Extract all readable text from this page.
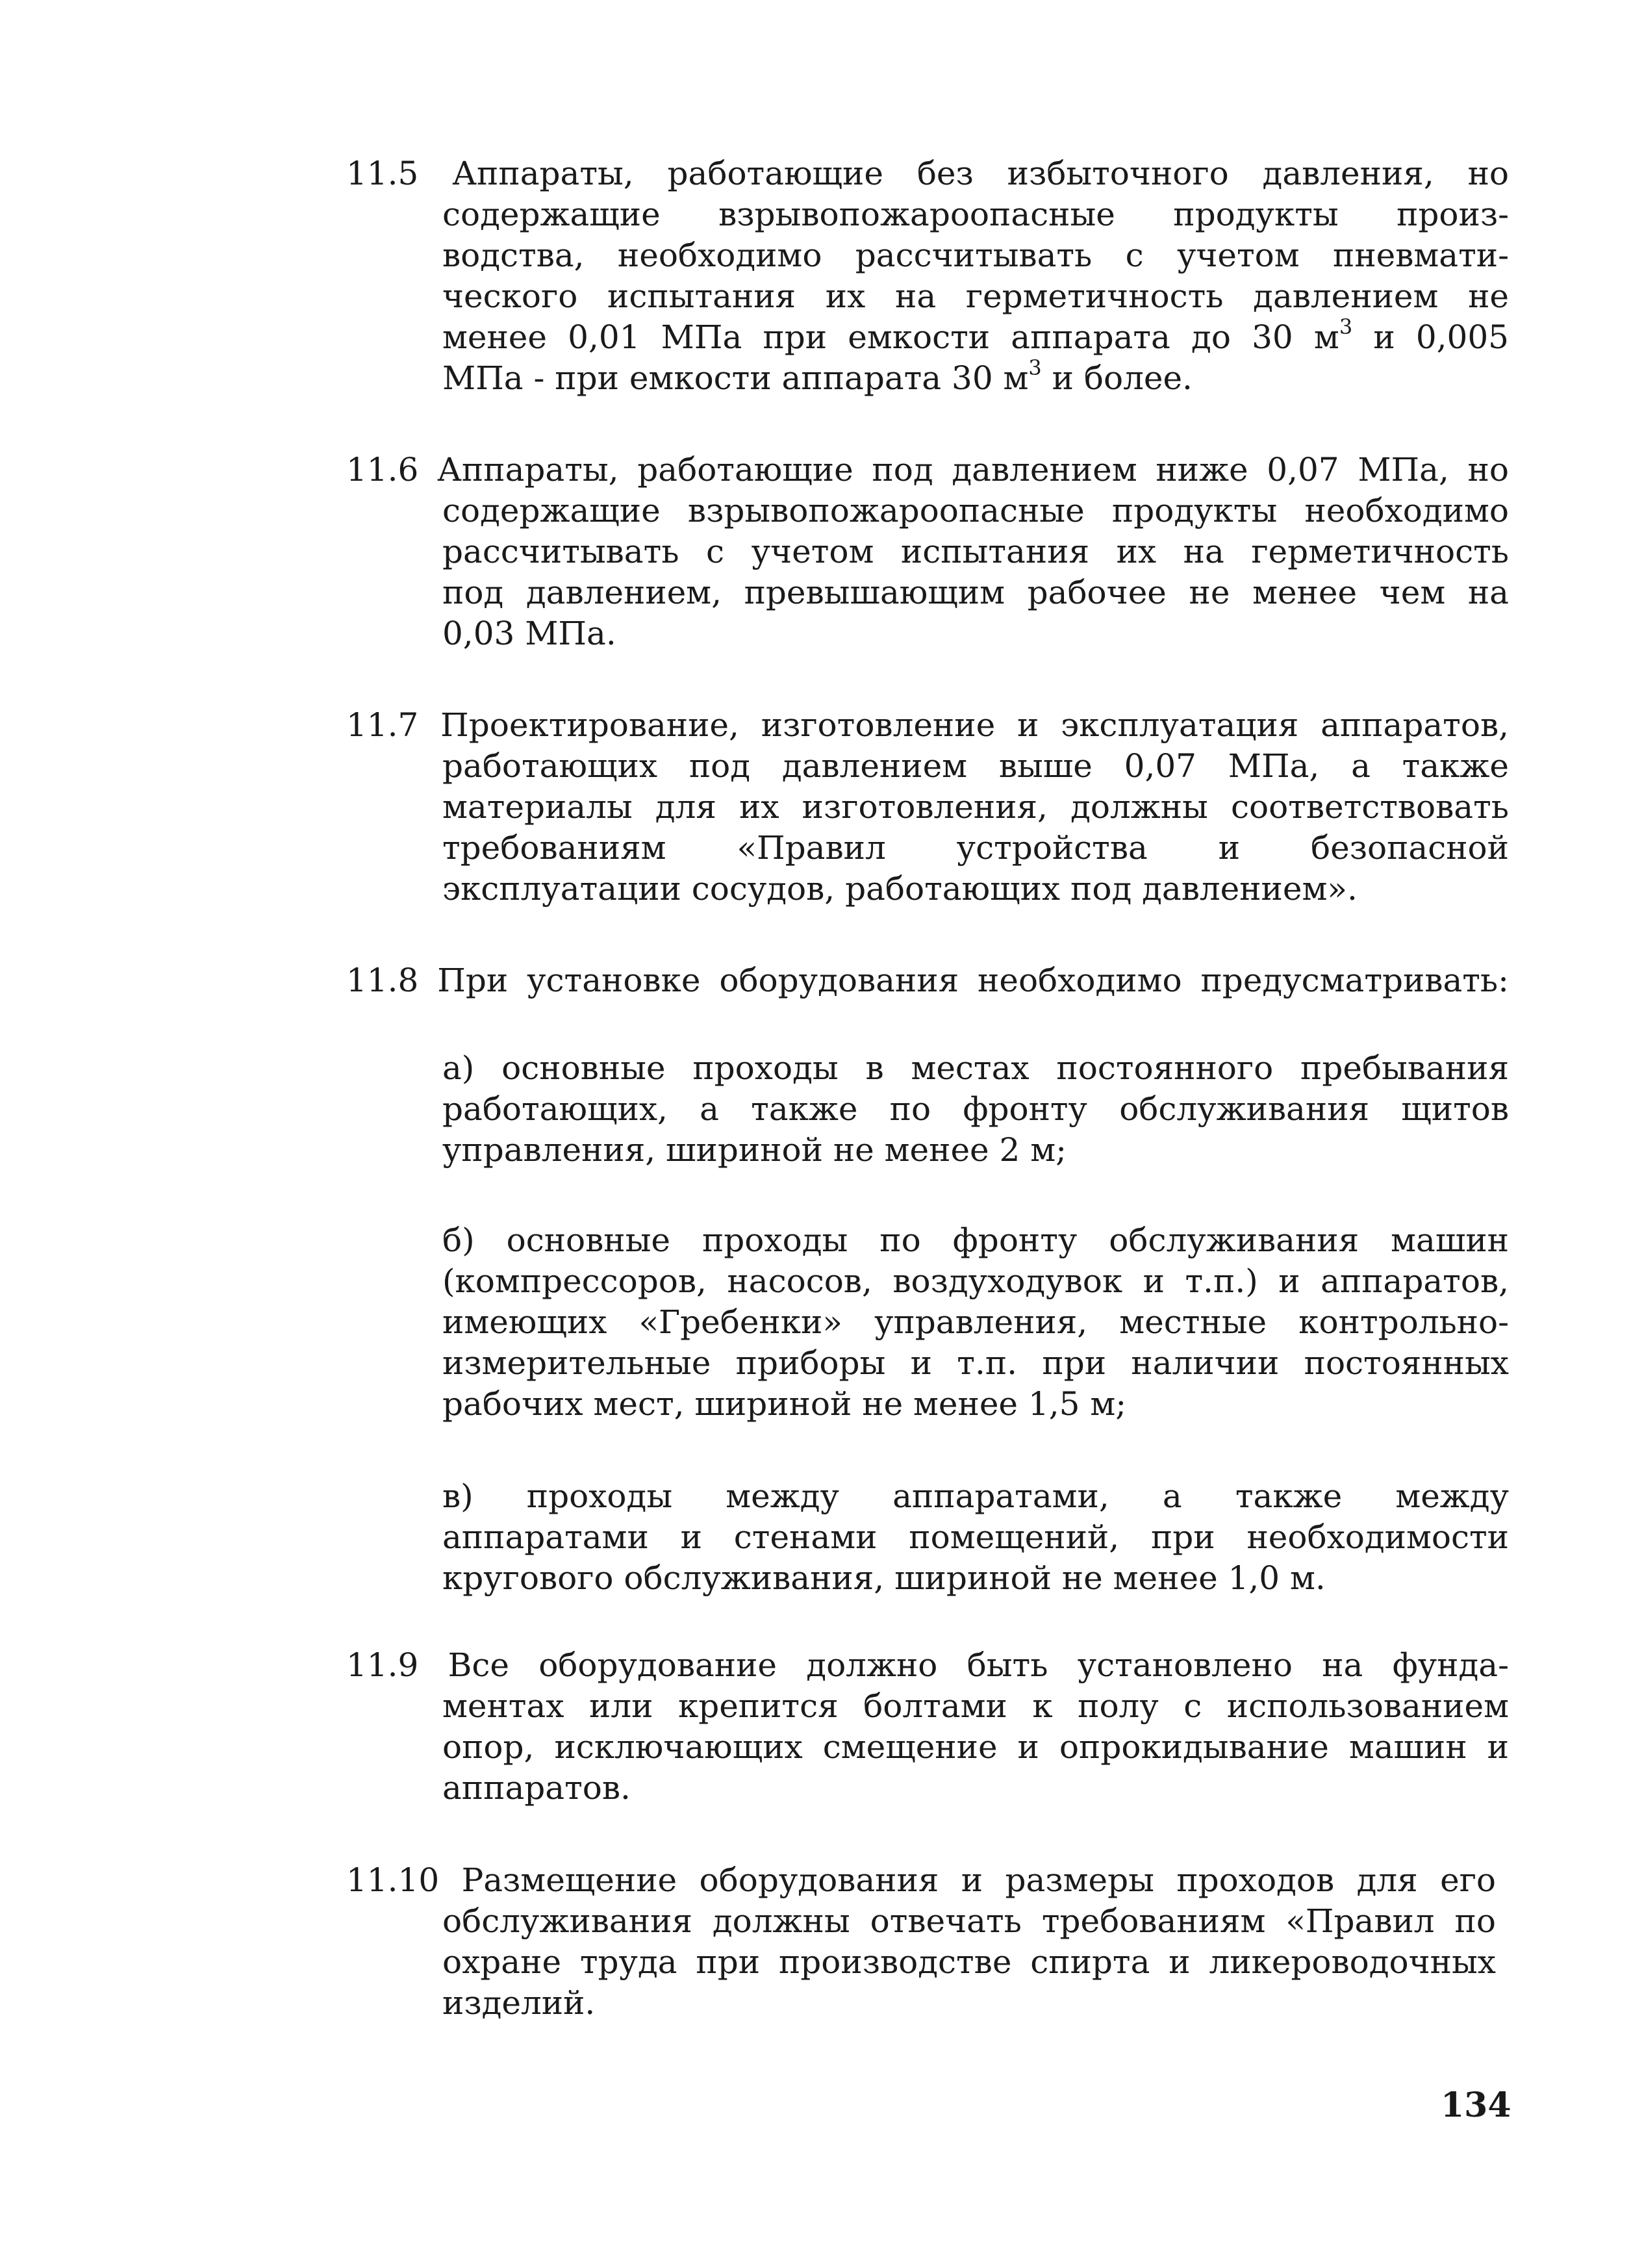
11.5 Аппараты, работающие без избыточного давления, но
содержащие взрывопожароопасные продукты произ-
водства, необходимо рассчитывать с учетом пневмати-
ческого испытания их на герметичность давлением не
менее 0,01 МПа при емкости аппарата до 30 $м^3$ и 0,005
МПа - при емкости аппарата 30 $м^3$ и более.
11.6 Аппараты, работающие под давлением ниже 0,07 МПа, но
содержащие взрывопожароопасные продукты необходимо
рассчитывать с учетом испытания их на герметичность
под давлением, превышающим рабочее не менее чем на
0,03 МПа.
11.7 Проектирование, изготовление и эксплуатация аппаратов,
работающих под давлением выше 0,07 МПа, а также
материалы для их изготовления, должны соответствовать
требованиям «Правил устройства и безопасной
эксплуатации сосудов, работающих под давлением».
11.8 При установке оборудования необходимо предусматривать:
а) основные проходы в местах постоянного пребывания
работающих, а также по фронту обслуживания щитов
управления, шириной не менее 2 м;
б) основные проходы по фронту обслуживания машин
(компрессоров, насосов, воздуходувок и т.п.) и аппаратов,
имеющих «Гребенки» управления, местные контрольно-
измерительные приборы и т.п. при наличии постоянных
рабочих мест, шириной не менее 1,5 м;
в) проходы между аппаратами, а также между
аппаратами и стенами помещений, при необходимости
кругового обслуживания, шириной не менее 1,0 м.
11.9 Все оборудование должно быть установлено на фунда-
ментах или крепится болтами к полу с использованием
опор, исключающих смещение и опрокидывание машин и
аппаратов.
11.10 Размещение оборудования и размеры проходов для его
обслуживания должны отвечать требованиям «Правил по
охране труда при производстве спирта и ликероводочных
изделий.
134
